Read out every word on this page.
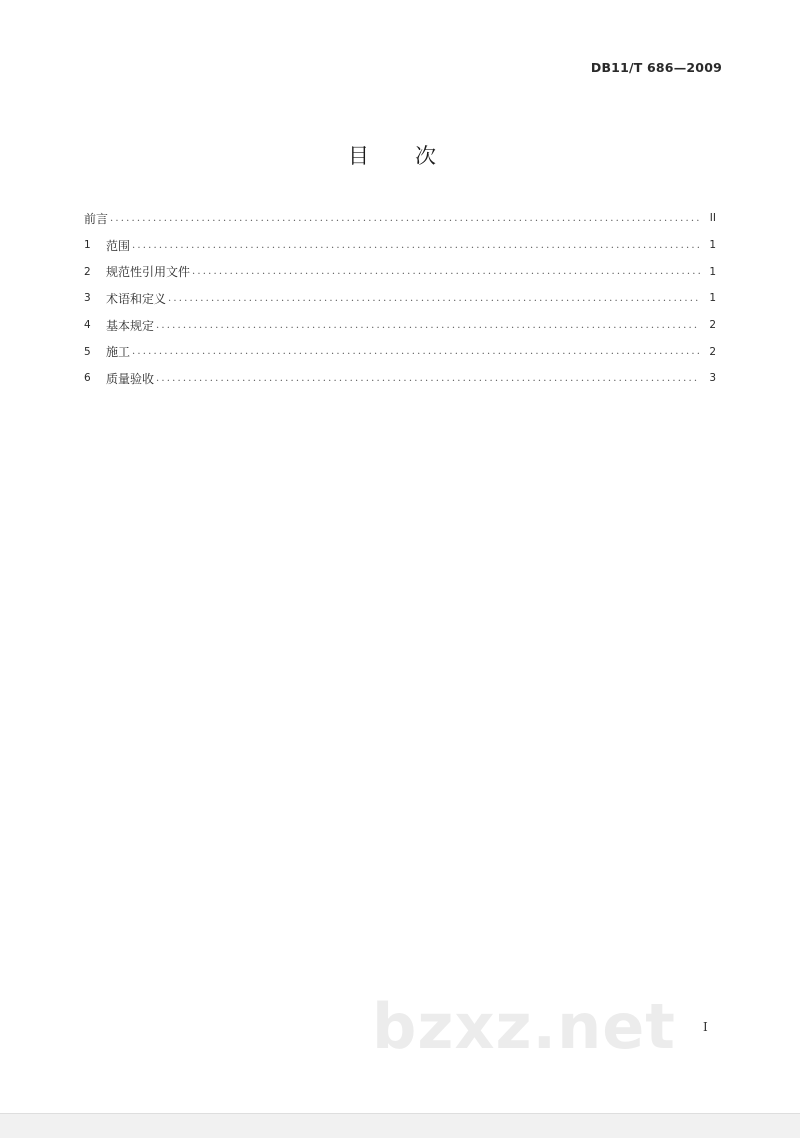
DB11/T 686—2009
目次
前言 .....	II
1	范围 .....	1
2	规范性引用文件 .....	1
3	术语和定义 .....	1
4	基本规定 .....	2
5	施工 .....	2
6	质量验收 .....	3
bzxz.net I
